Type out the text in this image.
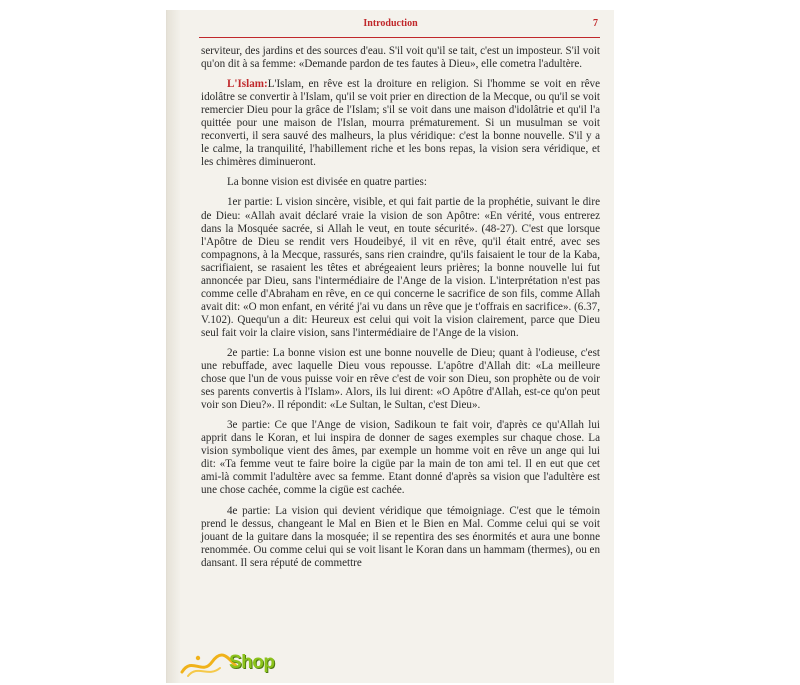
Introduction	7

serviteur, des jardins et des sources d'eau. S'il voit qu'il se tait, c'est un imposteur. S'il voit qu'on dit à sa femme: «Demande pardon de tes fautes à Dieu», elle cometra l'adultère.

L'Islam:L'Islam, en rêve est la droiture en religion. Si l'homme se voit en rêve idolâtre se convertir à l'Islam, qu'il se voit prier en direction de la Mecque, ou qu'il se voit remercier Dieu pour la grâce de l'Islam; s'il se voit dans une maison d'idolâtrie et qu'il l'a quittée pour une maison de l'Islan, mourra prématurement. Si un musulman se voit reconverti, il sera sauvé des malheurs, la plus véridique: c'est la bonne nouvelle. S'il y a le calme, la tranquilité, l'habillement riche et les bons repas, la vision sera véridique, et les chimères diminueront.

La bonne vision est divisée en quatre parties:

1er partie: L vision sincère, visible, et qui fait partie de la prophétie, suivant le dire de Dieu: «Allah avait déclaré vraie la vision de son Apôtre: «En vérité, vous entrerez dans la Mosquée sacrée, si Allah le veut, en toute sécurité». (48-27). C'est que lorsque l'Apôtre de Dieu se rendit vers Houdeibyé, il vit en rêve, qu'il était entré, avec ses compagnons, à la Mecque, rassurés, sans rien craindre, qu'ils faisaient le tour de la Kaba, sacrifiaient, se rasaient les têtes et abrégeaient leurs prières; la bonne nouvelle lui fut annoncée par Dieu, sans l'intermédiaire de l'Ange de la vision. L'interprétation n'est pas comme celle d'Abraham en rêve, en ce qui concerne le sacrifice de son fils, comme Allah avait dit: «O mon enfant, en vérité j'ai vu dans un rêve que je t'offrais en sacrifice». (6.37, V.102). Quequ'un a dit: Heureux est celui qui voit la vision clairement, parce que Dieu seul fait voir la claire vision, sans l'intermédiaire de l'Ange de la vision.

2e partie: La bonne vision est une bonne nouvelle de Dieu; quant à l'odieuse, c'est une rebuffade, avec laquelle Dieu vous repousse. L'apôtre d'Allah dit: «La meilleure chose que l'un de vous puisse voir en rêve c'est de voir son Dieu, son prophète ou de voir ses parents convertis à l'Islam». Alors, ils lui dirent: «O Apôtre d'Allah, est-ce qu'on peut voir son Dieu?». Il répondit: «Le Sultan, le Sultan, c'est Dieu».

3e partie: Ce que l'Ange de vision, Sadikoun te fait voir, d'après ce qu'Allah lui apprit dans le Koran, et lui inspira de donner de sages exemples sur chaque chose. La vision symbolique vient des âmes, par exemple un homme voit en rêve un ange qui lui dit: «Ta femme veut te faire boire la cigüe par la main de ton ami tel. Il en eut que cet ami-là commit l'adultère avec sa femme. Etant donné d'après sa vision que l'adultère est une chose cachée, comme la cigüe est cachée.

4e partie: La vision qui devient véridique que témoigniage. C'est que le témoin prend le dessus, changeant le Mal en Bien et le Bien en Mal. Comme celui qui se voit jouant de la guitare dans la mosquée; il se repentira des ses énormités et aura une bonne renommée. Ou comme celui qui se voit lisant le Koran dans un hammam (thermes), ou en dansant. Il sera réputé de commettre

Shop
